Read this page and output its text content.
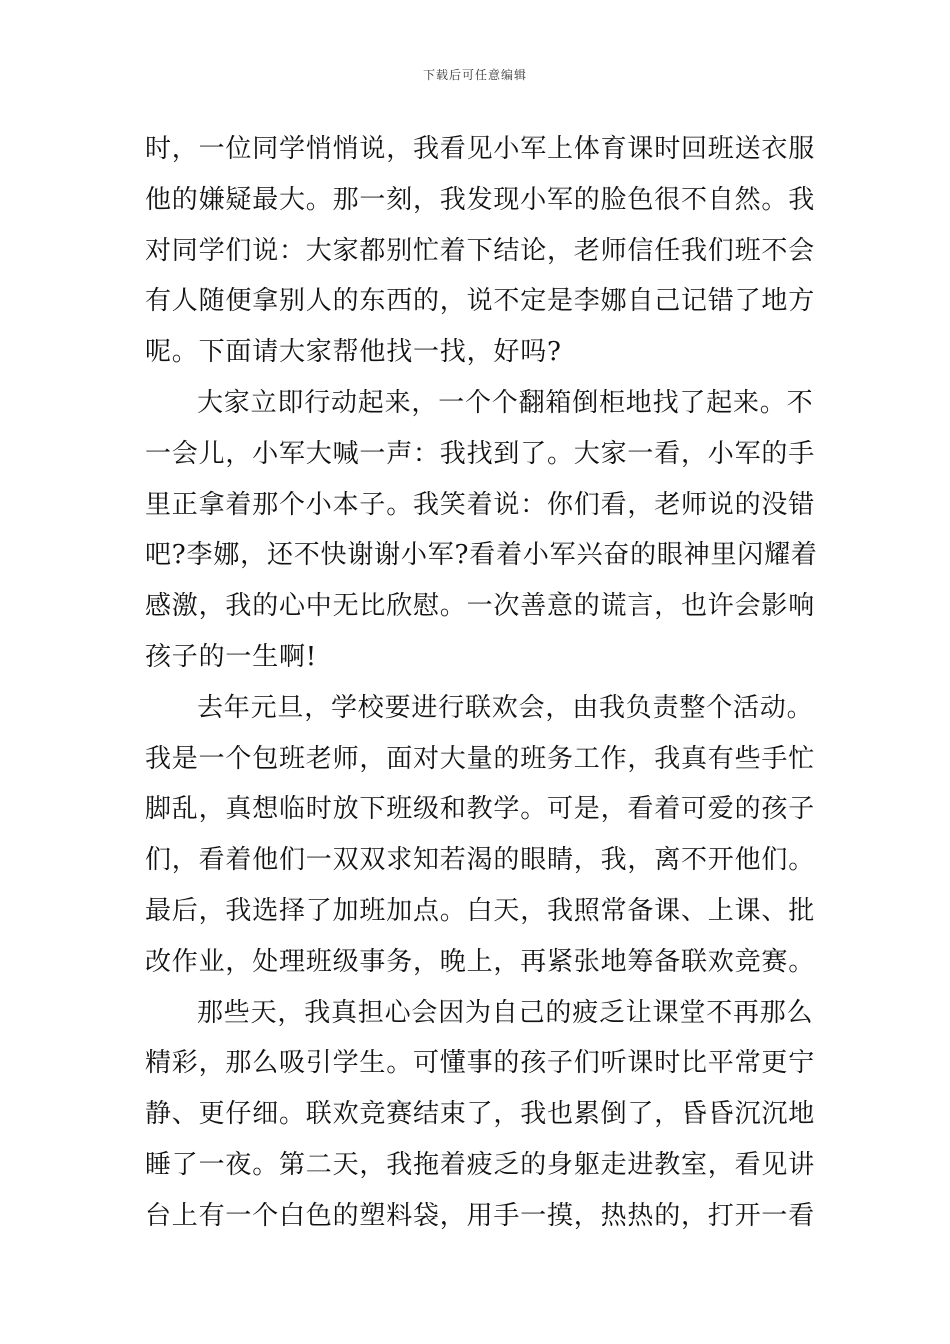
下载后可任意编辑
时，一位同学悄悄说，我看见小军上体育课时回班送衣服
他的嫌疑最大。那一刻，我发现小军的脸色很不自然。我
对同学们说：大家都别忙着下结论，老师信任我们班不会
有人随便拿别人的东西的，说不定是李娜自己记错了地方
呢。下面请大家帮他找一找，好吗?
大家立即行动起来，一个个翻箱倒柜地找了起来。不
一会儿，小军大喊一声：我找到了。大家一看，小军的手
里正拿着那个小本子。我笑着说：你们看，老师说的没错
吧?李娜，还不快谢谢小军?看着小军兴奋的眼神里闪耀着
感激，我的心中无比欣慰。一次善意的谎言，也许会影响
孩子的一生啊!
去年元旦，学校要进行联欢会，由我负责整个活动。
我是一个包班老师，面对大量的班务工作，我真有些手忙
脚乱，真想临时放下班级和教学。可是，看着可爱的孩子
们，看着他们一双双求知若渴的眼睛，我，离不开他们。
最后，我选择了加班加点。白天，我照常备课、上课、批
改作业，处理班级事务，晚上，再紧张地筹备联欢竞赛。
那些天，我真担心会因为自己的疲乏让课堂不再那么
精彩，那么吸引学生。可懂事的孩子们听课时比平常更宁
静、更仔细。联欢竞赛结束了，我也累倒了，昏昏沉沉地
睡了一夜。第二天，我拖着疲乏的身躯走进教室，看见讲
台上有一个白色的塑料袋，用手一摸，热热的，打开一看
